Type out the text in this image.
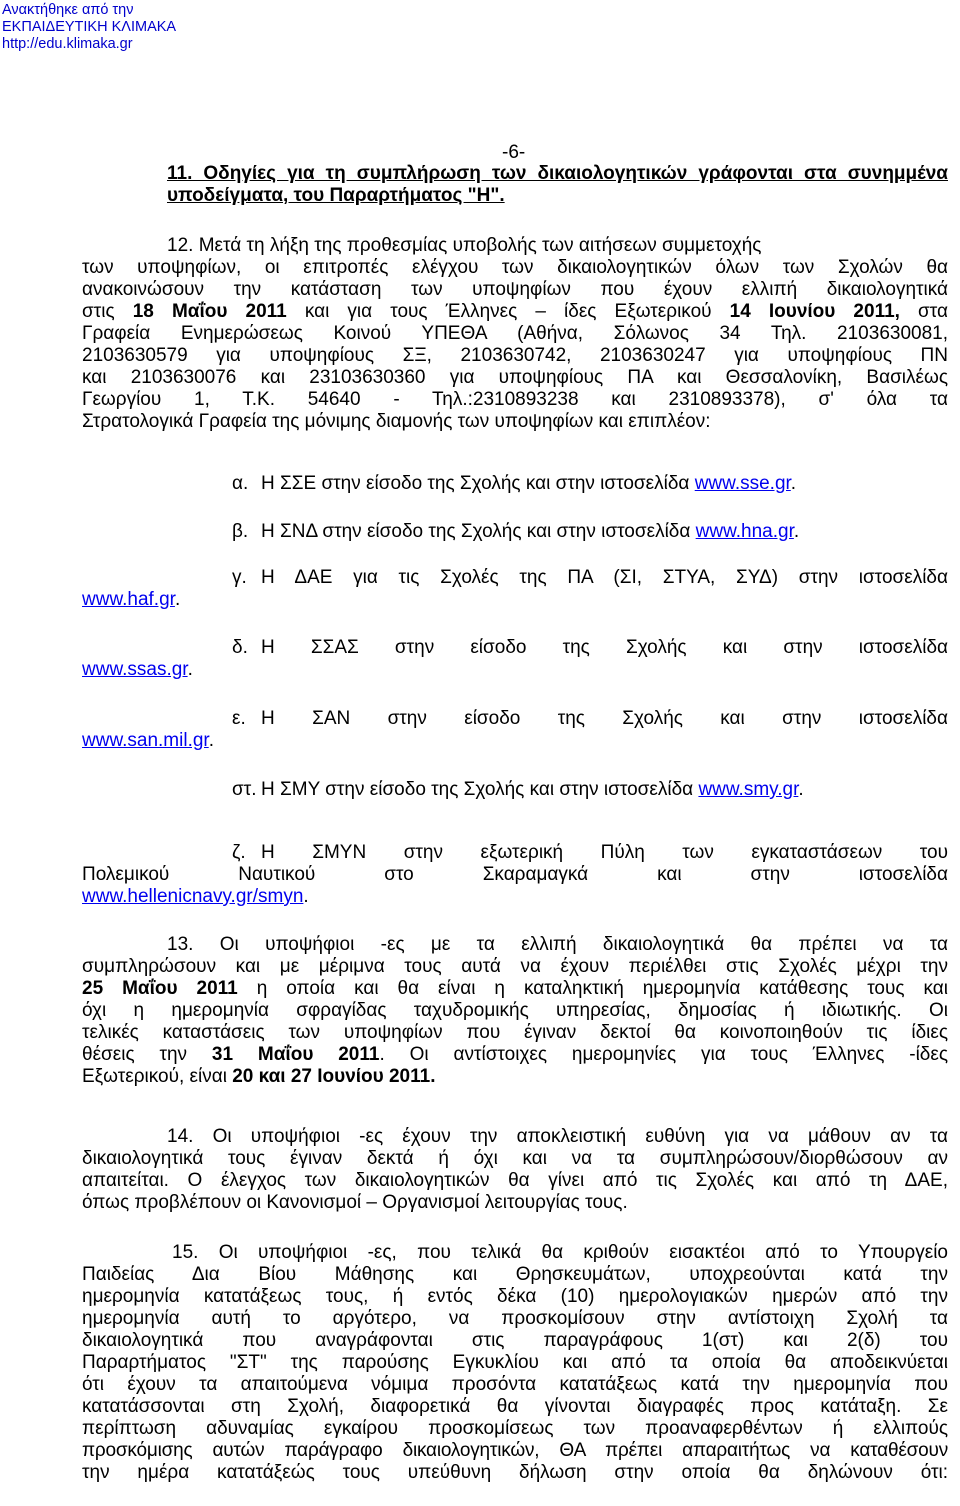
Ανακτήθηκε από την
ΕΚΠΑΙΔΕΥΤΙΚΗ ΚΛΙΜΑΚΑ
http://edu.klimaka.gr
-6-
11. Οδηγίες για τη συμπλήρωση των δικαιολογητικών γράφονται στα συνημμένα υποδείγματα, του Παραρτήματος "Η".
12. Μετά τη λήξη της προθεσμίας υποβολής των αιτήσεων συμμετοχής
των υποψηφίων, οι επιτροπές ελέγχου των δικαιολογητικών όλων των Σχολών θα
ανακοινώσουν την κατάσταση των υποψηφίων που έχουν ελλιπή δικαιολογητικά
στις 18 Μαΐου 2011 και για τους Έλληνες – ίδες Εξωτερικού 14 Ιουνίου 2011, στα
Γραφεία Ενημερώσεως Κοινού ΥΠΕΘΑ (Αθήνα, Σόλωνος 34 Τηλ. 2103630081,
2103630579 για υποψηφίους ΣΞ, 2103630742, 2103630247 για υποψηφίους ΠΝ
και 2103630076 και 23103630360 για υποψηφίους ΠΑ και Θεσσαλονίκη, Βασιλέως
Γεωργίου 1, Τ.Κ. 54640 - Τηλ.:2310893238 και 2310893378), σ' όλα τα
Στρατολογικά Γραφεία της μόνιμης διαμονής των υποψηφίων και επιπλέον:
α. Η ΣΣΕ στην είσοδο της Σχολής και στην ιστοσελίδα www.sse.gr.
β. Η ΣΝΔ στην είσοδο της Σχολής και στην ιστοσελίδα www.hna.gr.
γ. Η ΔΑΕ για τις Σχολές της ΠΑ (ΣΙ, ΣΤΥΑ, ΣΥΔ) στην ιστοσελίδα
www.haf.gr.
δ. Η ΣΣΑΣ στην είσοδο της Σχολής και στην ιστοσελίδα
www.ssas.gr.
ε. Η ΣΑΝ στην είσοδο της Σχολής και στην ιστοσελίδα
www.san.mil.gr.
στ. Η ΣΜΥ στην είσοδο της Σχολής και στην ιστοσελίδα www.smy.gr.
ζ. Η ΣΜΥΝ στην εξωτερική Πύλη των εγκαταστάσεων του
Πολεμικού Ναυτικού στο Σκαραμαγκά και στην ιστοσελίδα
www.hellenicnavy.gr/smyn.
13. Οι υποψήφιοι -ες με τα ελλιπή δικαιολογητικά θα πρέπει να τα
συμπληρώσουν και με μέριμνα τους αυτά να έχουν περιέλθει στις Σχολές μέχρι την
25 Μαΐου 2011 η οποία και θα είναι η καταληκτική ημερομηνία κατάθεσης τους και
όχι η ημερομηνία σφραγίδας ταχυδρομικής υπηρεσίας, δημοσίας ή ιδιωτικής. Οι
τελικές καταστάσεις των υποψηφίων που έγιναν δεκτοί θα κοινοποιηθούν τις ίδιες
θέσεις την 31 Μαΐου 2011. Οι αντίστοιχες ημερομηνίες για τους Έλληνες -ίδες
Εξωτερικού, είναι 20 και 27 Ιουνίου 2011.
14. Οι υποψήφιοι -ες έχουν την αποκλειστική ευθύνη για να μάθουν αν τα
δικαιολογητικά τους έγιναν δεκτά ή όχι και να τα συμπληρώσουν/διορθώσουν αν
απαιτείται. Ο έλεγχος των δικαιολογητικών θα γίνει από τις Σχολές και από τη ΔΑΕ,
όπως προβλέπουν οι Κανονισμοί – Οργανισμοί λειτουργίας τους.
15. Οι υποψήφιοι -ες, που τελικά θα κριθούν εισακτέοι από το Υπουργείο
Παιδείας Δια Βίου Μάθησης και Θρησκευμάτων, υποχρεούνται κατά την
ημερομηνία κατατάξεως τους, ή εντός δέκα (10) ημερολογιακών ημερών από την
ημερομηνία αυτή το αργότερο, να προσκομίσουν στην αντίστοιχη Σχολή τα
δικαιολογητικά που αναγράφονται στις παραγράφους 1(στ) και 2(δ) του
Παραρτήματος "ΣΤ" της παρούσης Εγκυκλίου και από τα οποία θα αποδεικνύεται
ότι έχουν τα απαιτούμενα νόμιμα προσόντα κατατάξεως κατά την ημερομηνία που
κατατάσσονται στη Σχολή, διαφορετικά θα γίνονται διαγραφές προς κατάταξη. Σε
περίπτωση αδυναμίας εγκαίρου προσκομίσεως των προαναφερθέντων ή ελλιπούς
προσκόμισης αυτών παράγραφο δικαιολογητικών, ΘΑ πρέπει απαραιτήτως να καταθέσουν
την ημέρα κατατάξεώς τους υπεύθυνη δήλωση στην οποία θα δηλώνουν ότι:
